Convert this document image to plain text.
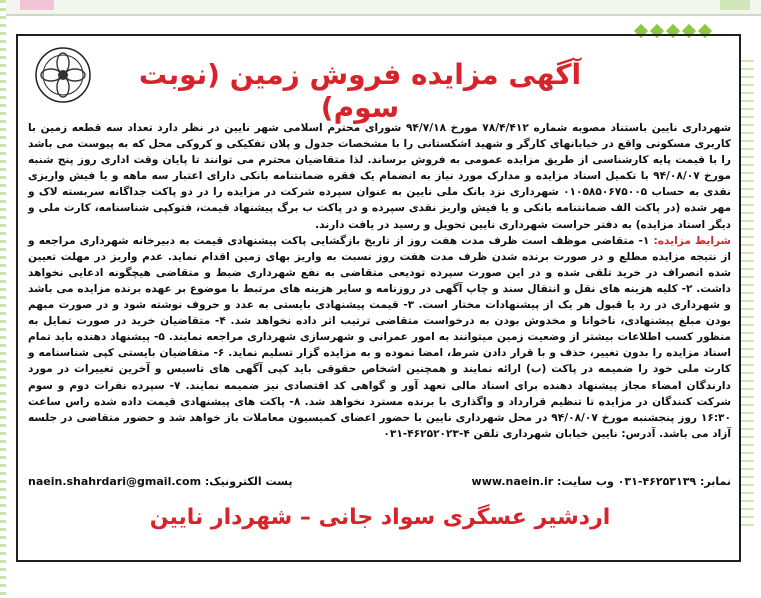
آگهی مزایده فروش زمین (نوبت سوم)

شهرداری نایین باستناد مصوبه شماره ۷۸/۴/۴۱۲ مورخ ۹۴/۷/۱۸ شورای محترم اسلامی شهر نایین در نظر دارد تعداد سه قطعه زمین با کاربری مسکونی واقع در خیابانهای کارگر و شهید اشکستانی را با مشخصات جدول و پلان تفکیکی و کروکی محل که به پیوست می باشد را با قیمت پایه کارشناسی از طریق مزایده عمومی به فروش برساند. لذا متقاضیان محترم می توانند تا پایان وقت اداری روز پنج شنبه مورخ ۹۴/۰۸/۰۷ با تکمیل اسناد مزایده و مدارک مورد نیاز به انضمام یک فقره ضمانتنامه بانکی دارای اعتبار سه ماهه و یا فیش واریزی نقدی به حساب ۰۱۰۵۸۵۰۶۷۵۰۰۵ شهرداری نزد بانک ملی نایین به عنوان سپرده شرکت در مزایده را در دو پاکت جداگانه سربسته لاک و مهر شده (در پاکت الف ضمانتنامه بانکی و یا فیش واریز نقدی سپرده و در پاکت ب برگ پیشنهاد قیمت، فتوکپی شناسنامه، کارت ملی و دیگر اسناد مزایده) به دفتر حراست شهرداری نایین تحویل و رسید در یافت دارند.

شرایط مزایده: ۱- متقاضی موظف است ظرف مدت هفت روز از تاریخ بازگشایی پاکت پیشنهادی قیمت به دبیرخانه شهرداری مراجعه و از نتیجه مزایده مطلع و در صورت برنده شدن ظرف مدت هفت روز نسبت به واریز بهای زمین اقدام نماید. عدم واریز در مهلت تعیین شده انصراف در خرید تلقی شده و در این صورت سپرده تودیعی متقاضی به نفع شهرداری ضبط و متقاضی هیچگونه ادعایی نخواهد داشت. ۲- کلیه هزینه های نقل و انتقال سند و چاپ آگهی در روزنامه و سایر هزینه های مرتبط با موضوع بر عهده برنده مزایده می باشد و شهرداری در رد یا قبول هر یک از پیشنهادات مختار است. ۳- قیمت پیشنهادی بایستی به عدد و حروف نوشته شود و در صورت مبهم بودن مبلغ پیشنهادی، ناخوانا و مخدوش بودن به درخواست متقاضی ترتیب اثر داده نخواهد شد. ۴- متقاضیان خرید در صورت تمایل به منظور کسب اطلاعات بیشتر از وضعیت زمین میتوانند به امور عمرانی و شهرسازی شهرداری مراجعه نمایند. ۵- پیشنهاد دهنده باید تمام اسناد مزایده را بدون تغییر، حذف و با قرار دادن شرط، امضا نموده و به مزایده گزار تسلیم نماید. ۶- متقاضیان بایستی کپی شناسنامه و کارت ملی خود را ضمیمه در پاکت (ب) ارائه نمایند و همچنین اشخاص حقوقی باید کپی آگهی های تاسیس و آخرین تغییرات در مورد دارندگان امضاء مجاز پیشنهاد دهنده برای اسناد مالی تعهد آور و گواهی کد اقتصادی نیز ضمیمه نمایند. ۷- سپرده نفرات دوم و سوم شرکت کنندگان در مزایده تا تنظیم قرارداد و واگذاری با برنده مسترد نخواهد شد. ۸- پاکت های پیشنهادی قیمت داده شده راس ساعت ۱۶:۳۰ روز پنجشنبه مورخ ۹۴/۰۸/۰۷ در محل شهرداری نایین با حضور اعضای کمیسیون معاملات باز خواهد شد و حضور متقاضی در جلسه آزاد می باشد. آدرس: نایین خیابان شهرداری تلفن ۴-۴۶۲۵۲۰۲۳-۰۳۱

نمابر: ۴۶۲۵۳۱۳۹-۰۳۱ وب سایت: www.naein.ir
پست الکترونیک: naein.shahrdari@gmail.com
اردشیر عسگری سواد جانی – شهردار نایین
